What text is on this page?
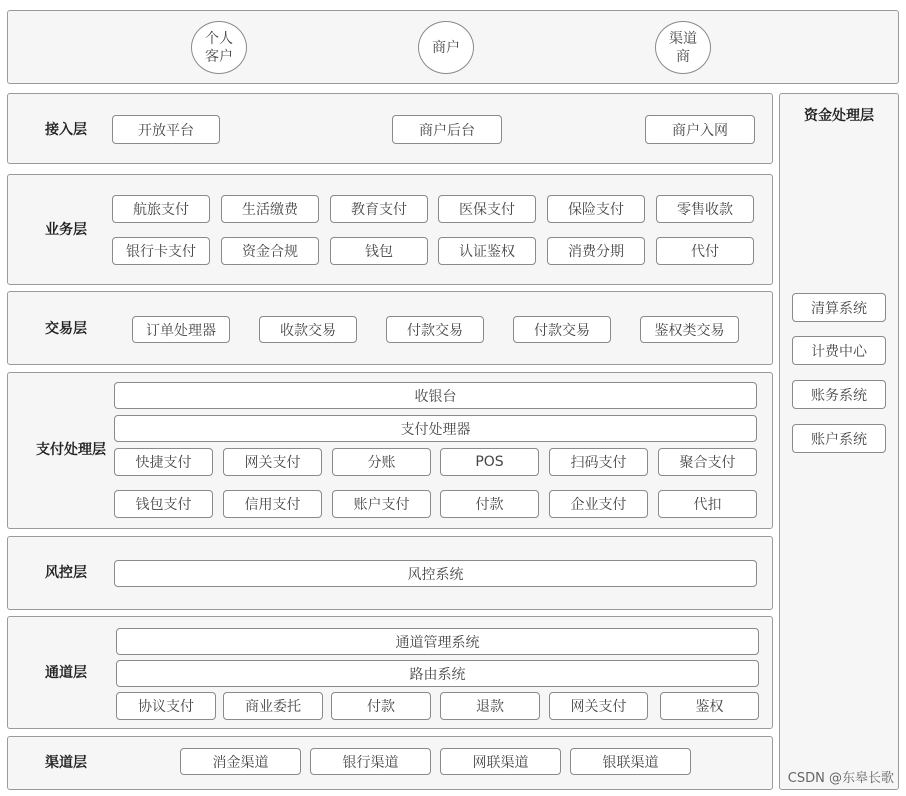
个人
客户
商户
渠道
商
接入层	开放平台	商户后台	商户入网
业务层
航旅支付	生活缴费	教育支付	医保支付	保险支付	零售收款
银行卡支付	资金合规	钱包	认证鉴权	消费分期	代付
交易层	订单处理器	收款交易	付款交易	付款交易	鉴权类交易
支付处理层
收银台
支付处理器
快捷支付	网关支付	分账	POS	扫码支付	聚合支付
钱包支付	信用支付	账户支付	付款	企业支付	代扣
风控层	风控系统
通道层
通道管理系统
路由系统
协议支付	商业委托	付款	退款	网关支付	鉴权
渠道层	消金渠道	银行渠道	网联渠道	银联渠道
资金处理层
清算系统
计费中心
账务系统
账户系统
CSDN @东皋长歌
